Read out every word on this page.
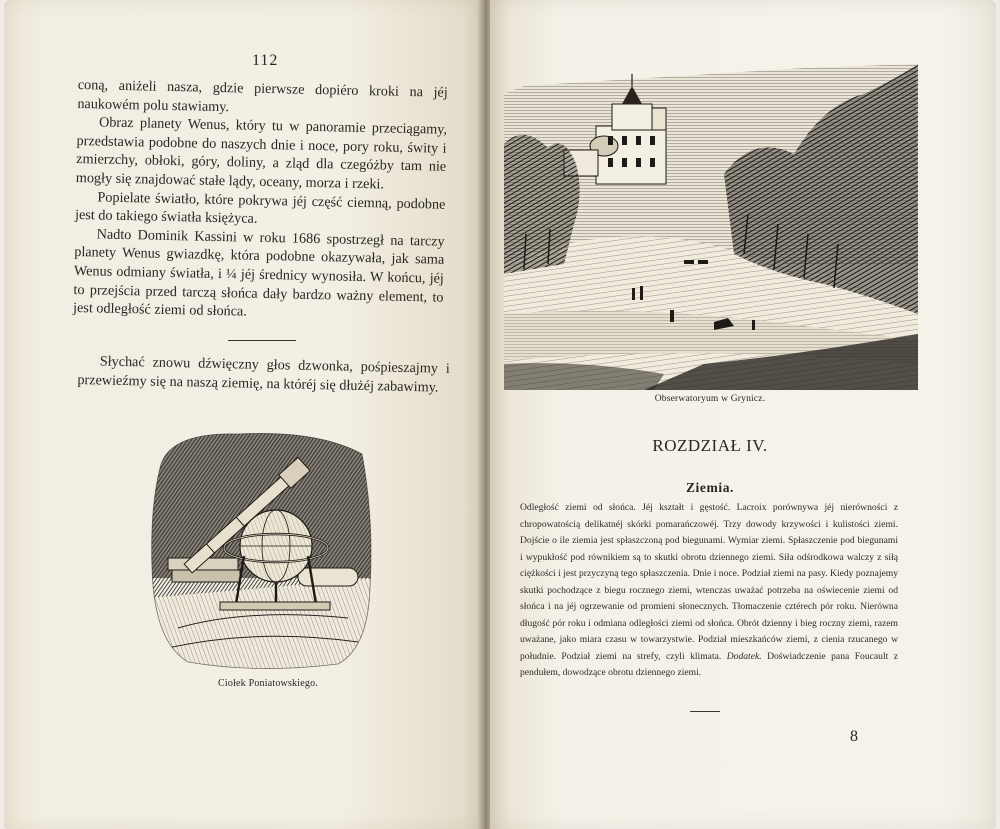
112

coną, aniżeli nasza, gdzie pierwsze dopiéro kroki na jéj naukowém polu stawiamy.

Obraz planety Wenus, który tu w panoramie przeciągamy, przedstawia podobne do naszych dnie i noce, pory roku, świty i zmierzchy, obłoki, góry, doliny, a zląd dla czegóżby tam nie mogły się znajdować stałe lądy, oceany, morza i rzeki.

Popielate światło, które pokrywa jéj część ciemną, podobne jest do takiego światła księżyca.

Nadto Dominik Kassini w roku 1686 spostrzegł na tarczy planety Wenus gwiazdkę, która podobne okazywała, jak sama Wenus odmiany światła, i ¼ jéj średnicy wynosiła. W końcu, jéj to przejścia przed tarczą słońca dały bardzo ważny element, to jest odległość ziemi od słońca.

Słychać znowu dźwięczny głos dzwonka, pośpieszajmy i przewieźmy się na naszą ziemię, na któréj się dłużéj zabawimy.

Ciołek Poniatowskiego.
Obserwatoryum w Grynicz.
ROZDZIAŁ IV.
Ziemia.

Odległość ziemi od słońca. Jéj kształt i gęstość. Lacroix porównywa jéj nierówności z chropowatością delikatnéj skórki pomarańczowéj. Trzy dowody krzywości i kulistości ziemi. Dojście o ile ziemia jest spłaszczoną pod biegunami. Wymiar ziemi. Spłaszczenie pod biegunami i wypukłość pod równikiem są to skutki obrotu dziennego ziemi. Siła odśrodkowa walczy z siłą ciężkości i jest przyczyną tego spłaszczenia. Dnie i noce. Podział ziemi na pasy. Kiedy poznajemy skutki pochodzące z biegu rocznego ziemi, wtenczas uważać potrzeba na oświecenie ziemi od słońca i na jéj ogrzewanie od promieni słonecznych. Tłomaczenie cztérech pór roku. Nierówna długość pór roku i odmiana odległości ziemi od słońca. Obrót dzienny i bieg roczny ziemi, razem uważane, jako miara czasu w towarzystwie. Podział mieszkańców ziemi, z cienia rzucanego w południe. Podział ziemi na strefy, czyli klimata. Dodatek. Doświadczenie pana Foucault z pendułem, dowodzące obrotu dziennego ziemi.

8
